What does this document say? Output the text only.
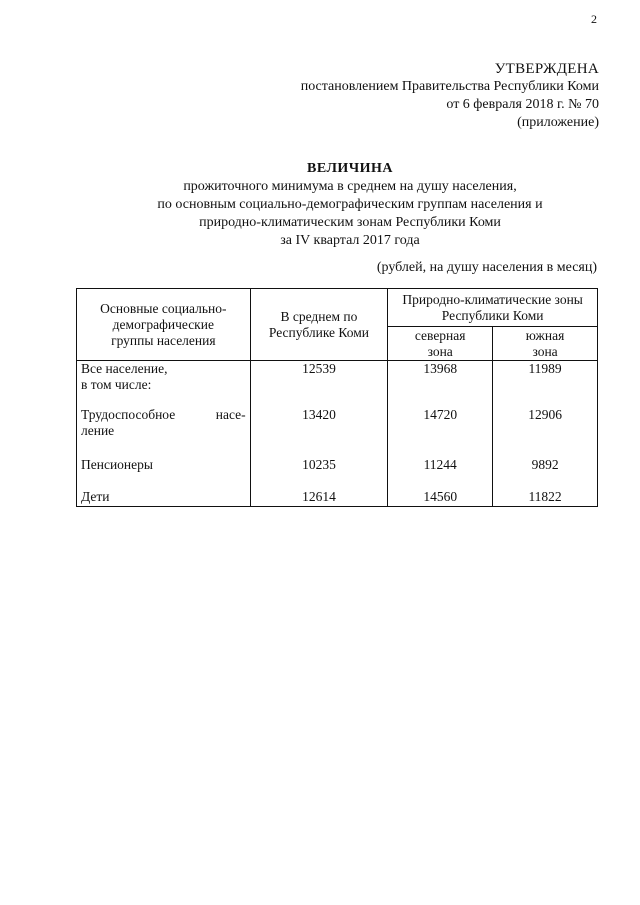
2
УТВЕРЖДЕНА
постановлением Правительства Республики Коми
от 6 февраля 2018 г. № 70
(приложение)
ВЕЛИЧИНА
прожиточного минимума в среднем на душу населения,
по основным социально-демографическим группам населения и
природно-климатическим зонам Республики Коми
за IV квартал 2017 года
(рублей, на душу населения в месяц)
Основные социально-демографические группы населения	В среднем по Республике Коми	Природно-климатические зоны Республики Коми	
		северная зона	южная зона

Все население,
в том числе:	12539	13968	11989

Трудоспособное насе-
ление	13420	14720	12906

Пенсионеры	10235	11244	9892

Дети	12614	14560	11822
